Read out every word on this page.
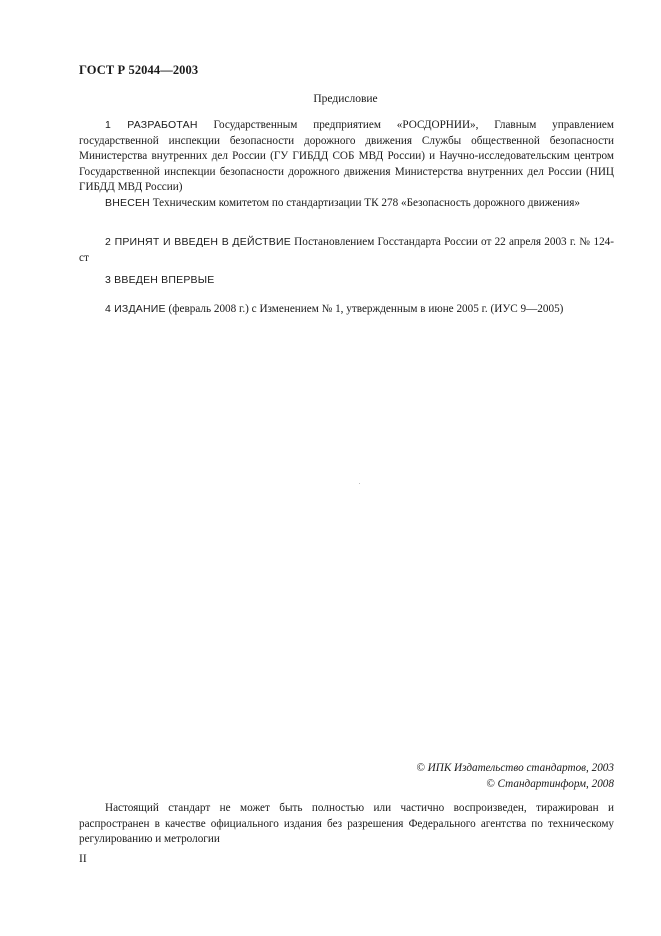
ГОСТ Р 52044—2003
Предисловие

1 РАЗРАБОТАН Государственным предприятием «РОСДОРНИИ», Главным управлением государственной инспекции безопасности дорожного движения Службы общественной безопасности Министерства внутренних дел России (ГУ ГИБДД СОБ МВД России) и Научно-исследовательским центром Государственной инспекции безопасности дорожного движения Министерства внутренних дел России (НИЦ ГИБДД МВД России)

ВНЕСЕН Техническим комитетом по стандартизации ТК 278 «Безопасность дорожного движения»

2 ПРИНЯТ И ВВЕДЕН В ДЕЙСТВИЕ Постановлением Госстандарта России от 22 апреля 2003 г. № 124-ст

3 ВВЕДЕН ВПЕРВЫЕ

4 ИЗДАНИЕ (февраль 2008 г.) с Изменением № 1, утвержденным в июне 2005 г. (ИУС 9—2005)

© ИПК Издательство стандартов, 2003
© Стандартинформ, 2008

Настоящий стандарт не может быть полностью или частично воспроизведен, тиражирован и распространен в качестве официального издания без разрешения Федерального агентства по техническому регулированию и метрологии

II
